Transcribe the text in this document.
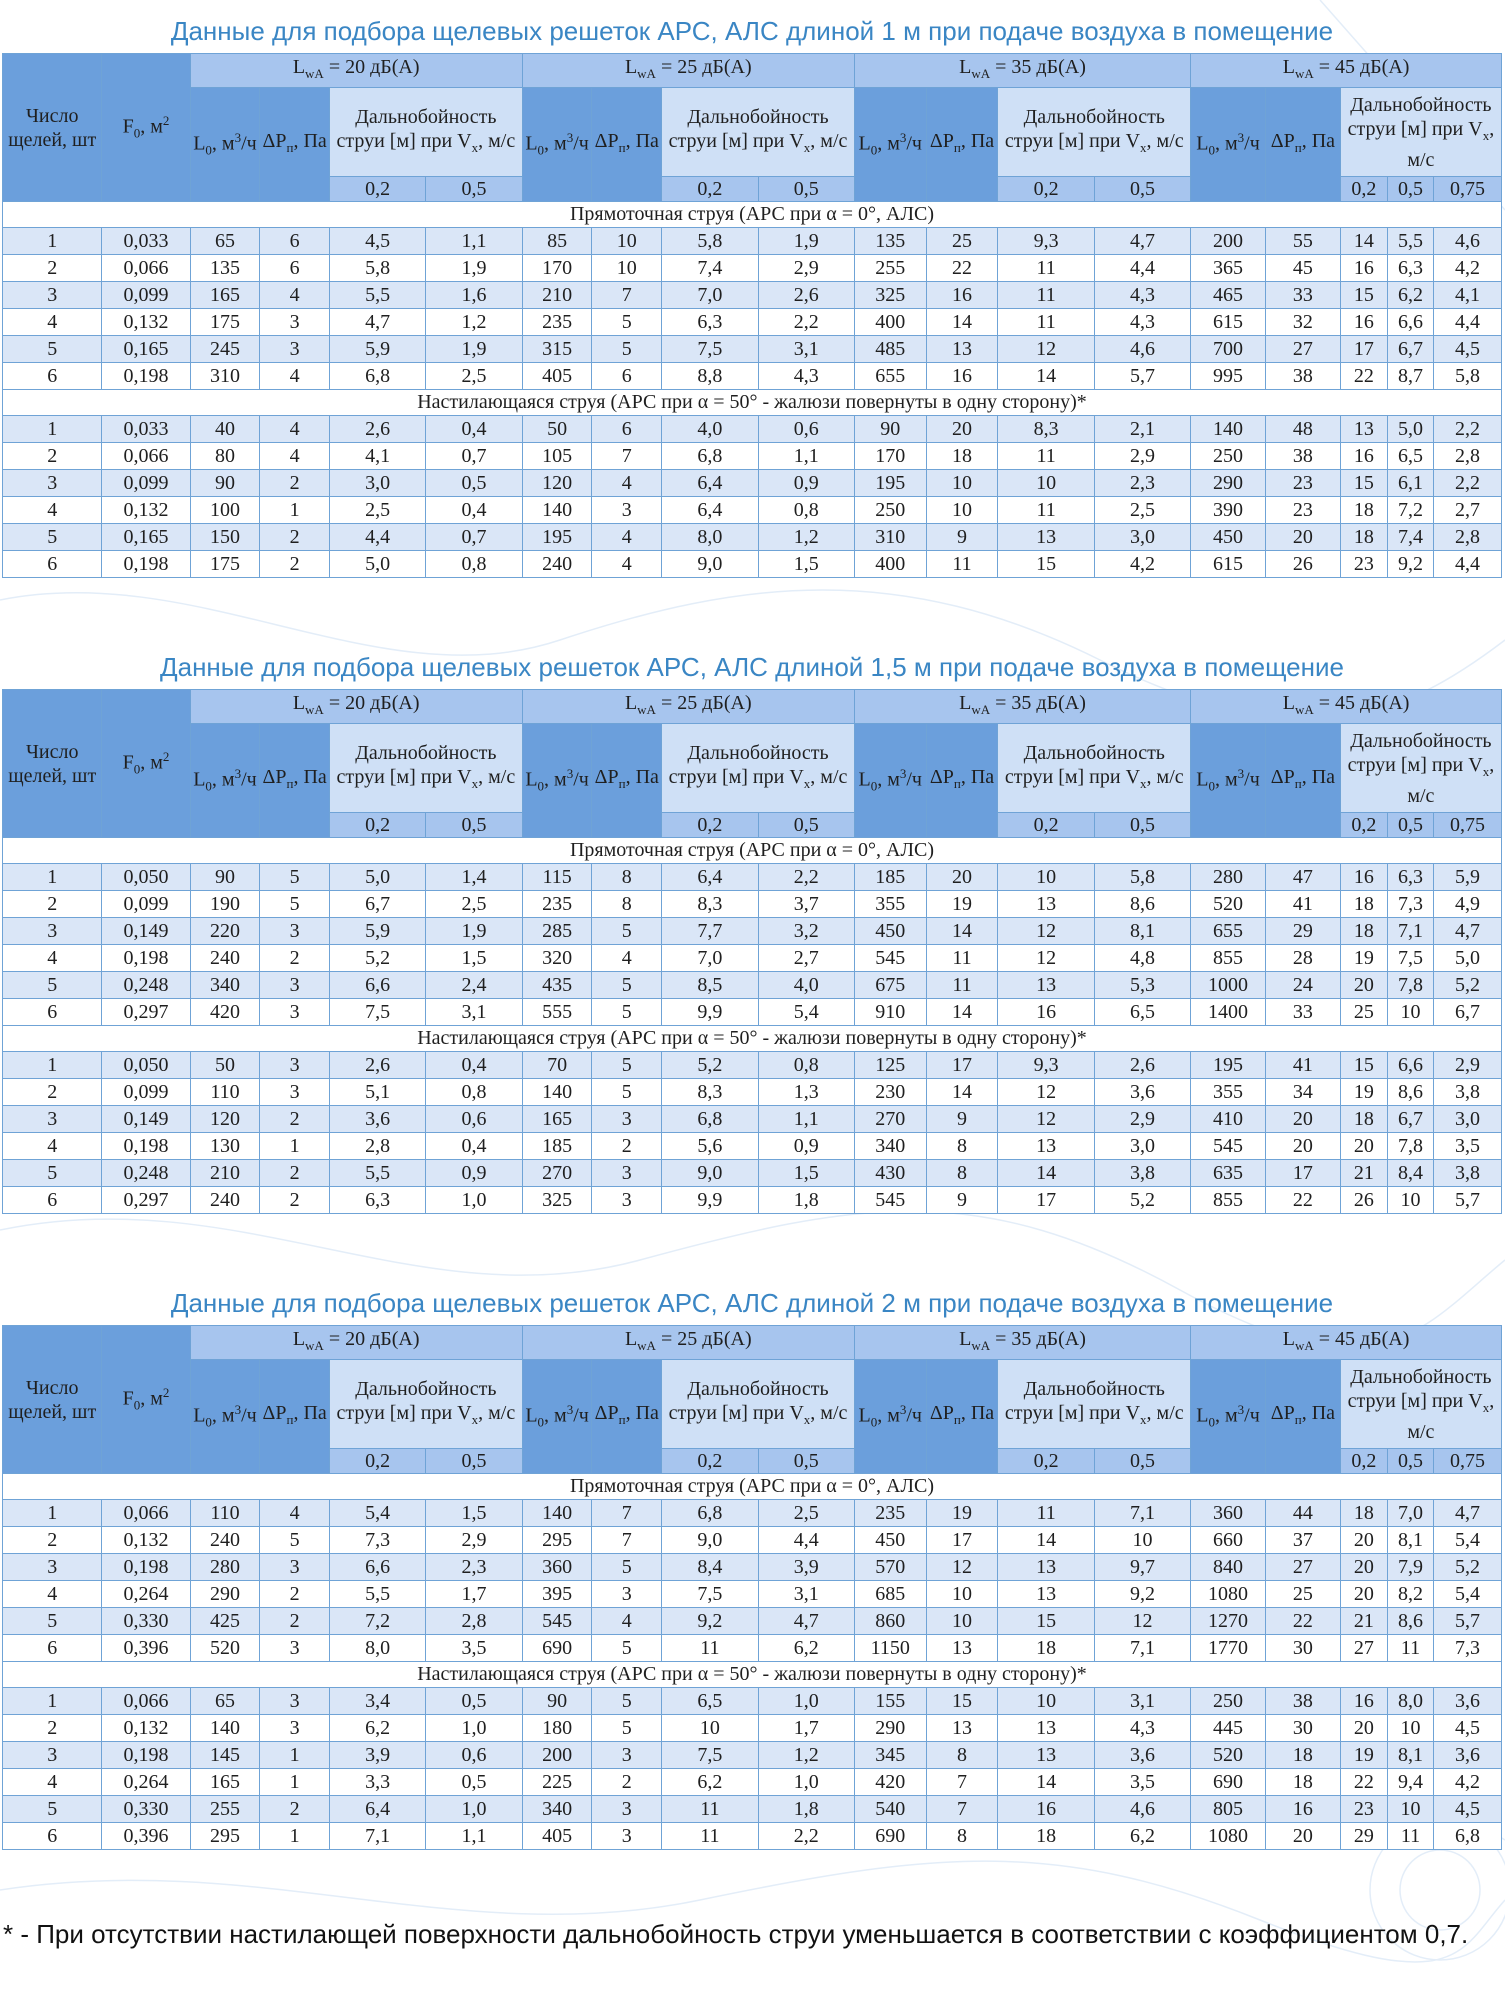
Данные для подбора щелевых решеток АРС, АЛС длиной 1 м при подаче воздуха в помещение
Число щелей, шт	$F_0$, $м^2$	$L_{wA} = 20$ дБ(А)				$L_{wA} = 25$ дБ(А)				$L_{wA} = 35$ дБ(А)				$L_{wA} = 45$ дБ(А)				
		$L_0$, $м^3/ч$	$\Delta P_п$, Па	Дальнобойность струи [м] при $V_x$, м/с		$L_0$, $м^3/ч$	$\Delta P_п$, Па	Дальнобойность струи [м] при $V_x$, м/с		$L_0$, $м^3/ч$	$\Delta P_п$, Па	Дальнобойность струи [м] при $V_x$, м/с		$L_0$, $м^3/ч$	$\Delta P_п$, Па	Дальнобойность струи [м] при $V_x$, м/с		
				0,2	0,5			0,2	0,5			0,2	0,5			0,2	0,5	0,75
Прямоточная струя (АРС при α = 0°, АЛС)																		
1	0,033	65	6	4,5	1,1	85	10	5,8	1,9	135	25	9,3	4,7	200	55	14	5,5	4,6
2	0,066	135	6	5,8	1,9	170	10	7,4	2,9	255	22	11	4,4	365	45	16	6,3	4,2
3	0,099	165	4	5,5	1,6	210	7	7,0	2,6	325	16	11	4,3	465	33	15	6,2	4,1
4	0,132	175	3	4,7	1,2	235	5	6,3	2,2	400	14	11	4,3	615	32	16	6,6	4,4
5	0,165	245	3	5,9	1,9	315	5	7,5	3,1	485	13	12	4,6	700	27	17	6,7	4,5
6	0,198	310	4	6,8	2,5	405	6	8,8	4,3	655	16	14	5,7	995	38	22	8,7	5,8
Настилающаяся струя (АРС при α = 50° - жалюзи повернуты в одну сторону)*																		
1	0,033	40	4	2,6	0,4	50	6	4,0	0,6	90	20	8,3	2,1	140	48	13	5,0	2,2
2	0,066	80	4	4,1	0,7	105	7	6,8	1,1	170	18	11	2,9	250	38	16	6,5	2,8
3	0,099	90	2	3,0	0,5	120	4	6,4	0,9	195	10	10	2,3	290	23	15	6,1	2,2
4	0,132	100	1	2,5	0,4	140	3	6,4	0,8	250	10	11	2,5	390	23	18	7,2	2,7
5	0,165	150	2	4,4	0,7	195	4	8,0	1,2	310	9	13	3,0	450	20	18	7,4	2,8
6	0,198	175	2	5,0	0,8	240	4	9,0	1,5	400	11	15	4,2	615	26	23	9,2	4,4
Данные для подбора щелевых решеток АРС, АЛС длиной 1,5 м при подаче воздуха в помещение
Число щелей, шт	$F_0$, $м^2$	$L_{wA} = 20$ дБ(А)				$L_{wA} = 25$ дБ(А)				$L_{wA} = 35$ дБ(А)				$L_{wA} = 45$ дБ(А)				
		$L_0$, $м^3/ч$	$\Delta P_п$, Па	Дальнобойность струи [м] при $V_x$, м/с		$L_0$, $м^3/ч$	$\Delta P_п$, Па	Дальнобойность струи [м] при $V_x$, м/с		$L_0$, $м^3/ч$	$\Delta P_п$, Па	Дальнобойность струи [м] при $V_x$, м/с		$L_0$, $м^3/ч$	$\Delta P_п$, Па	Дальнобойность струи [м] при $V_x$, м/с		
				0,2	0,5			0,2	0,5			0,2	0,5			0,2	0,5	0,75
Прямоточная струя (АРС при α = 0°, АЛС)																		
1	0,050	90	5	5,0	1,4	115	8	6,4	2,2	185	20	10	5,8	280	47	16	6,3	5,9
2	0,099	190	5	6,7	2,5	235	8	8,3	3,7	355	19	13	8,6	520	41	18	7,3	4,9
3	0,149	220	3	5,9	1,9	285	5	7,7	3,2	450	14	12	8,1	655	29	18	7,1	4,7
4	0,198	240	2	5,2	1,5	320	4	7,0	2,7	545	11	12	4,8	855	28	19	7,5	5,0
5	0,248	340	3	6,6	2,4	435	5	8,5	4,0	675	11	13	5,3	1000	24	20	7,8	5,2
6	0,297	420	3	7,5	3,1	555	5	9,9	5,4	910	14	16	6,5	1400	33	25	10	6,7
Настилающаяся струя (АРС при α = 50° - жалюзи повернуты в одну сторону)*																		
1	0,050	50	3	2,6	0,4	70	5	5,2	0,8	125	17	9,3	2,6	195	41	15	6,6	2,9
2	0,099	110	3	5,1	0,8	140	5	8,3	1,3	230	14	12	3,6	355	34	19	8,6	3,8
3	0,149	120	2	3,6	0,6	165	3	6,8	1,1	270	9	12	2,9	410	20	18	6,7	3,0
4	0,198	130	1	2,8	0,4	185	2	5,6	0,9	340	8	13	3,0	545	20	20	7,8	3,5
5	0,248	210	2	5,5	0,9	270	3	9,0	1,5	430	8	14	3,8	635	17	21	8,4	3,8
6	0,297	240	2	6,3	1,0	325	3	9,9	1,8	545	9	17	5,2	855	22	26	10	5,7
Данные для подбора щелевых решеток АРС, АЛС длиной 2 м при подаче воздуха в помещение
Число щелей, шт	$F_0$, $м^2$	$L_{wA} = 20$ дБ(А)				$L_{wA} = 25$ дБ(А)				$L_{wA} = 35$ дБ(А)				$L_{wA} = 45$ дБ(А)				
		$L_0$, $м^3/ч$	$\Delta P_п$, Па	Дальнобойность струи [м] при $V_x$, м/с		$L_0$, $м^3/ч$	$\Delta P_п$, Па	Дальнобойность струи [м] при $V_x$, м/с		$L_0$, $м^3/ч$	$\Delta P_п$, Па	Дальнобойность струи [м] при $V_x$, м/с		$L_0$, $м^3/ч$	$\Delta P_п$, Па	Дальнобойность струи [м] при $V_x$, м/с		
				0,2	0,5			0,2	0,5			0,2	0,5			0,2	0,5	0,75
Прямоточная струя (АРС при α = 0°, АЛС)																		
1	0,066	110	4	5,4	1,5	140	7	6,8	2,5	235	19	11	7,1	360	44	18	7,0	4,7
2	0,132	240	5	7,3	2,9	295	7	9,0	4,4	450	17	14	10	660	37	20	8,1	5,4
3	0,198	280	3	6,6	2,3	360	5	8,4	3,9	570	12	13	9,7	840	27	20	7,9	5,2
4	0,264	290	2	5,5	1,7	395	3	7,5	3,1	685	10	13	9,2	1080	25	20	8,2	5,4
5	0,330	425	2	7,2	2,8	545	4	9,2	4,7	860	10	15	12	1270	22	21	8,6	5,7
6	0,396	520	3	8,0	3,5	690	5	11	6,2	1150	13	18	7,1	1770	30	27	11	7,3
Настилающаяся струя (АРС при α = 50° - жалюзи повернуты в одну сторону)*																		
1	0,066	65	3	3,4	0,5	90	5	6,5	1,0	155	15	10	3,1	250	38	16	8,0	3,6
2	0,132	140	3	6,2	1,0	180	5	10	1,7	290	13	13	4,3	445	30	20	10	4,5
3	0,198	145	1	3,9	0,6	200	3	7,5	1,2	345	8	13	3,6	520	18	19	8,1	3,6
4	0,264	165	1	3,3	0,5	225	2	6,2	1,0	420	7	14	3,5	690	18	22	9,4	4,2
5	0,330	255	2	6,4	1,0	340	3	11	1,8	540	7	16	4,6	805	16	23	10	4,5
6	0,396	295	1	7,1	1,1	405	3	11	2,2	690	8	18	6,2	1080	20	29	11	6,8
* - При отсутствии настилающей поверхности дальнобойность струи уменьшается в соответствии с коэффициентом 0,7.
